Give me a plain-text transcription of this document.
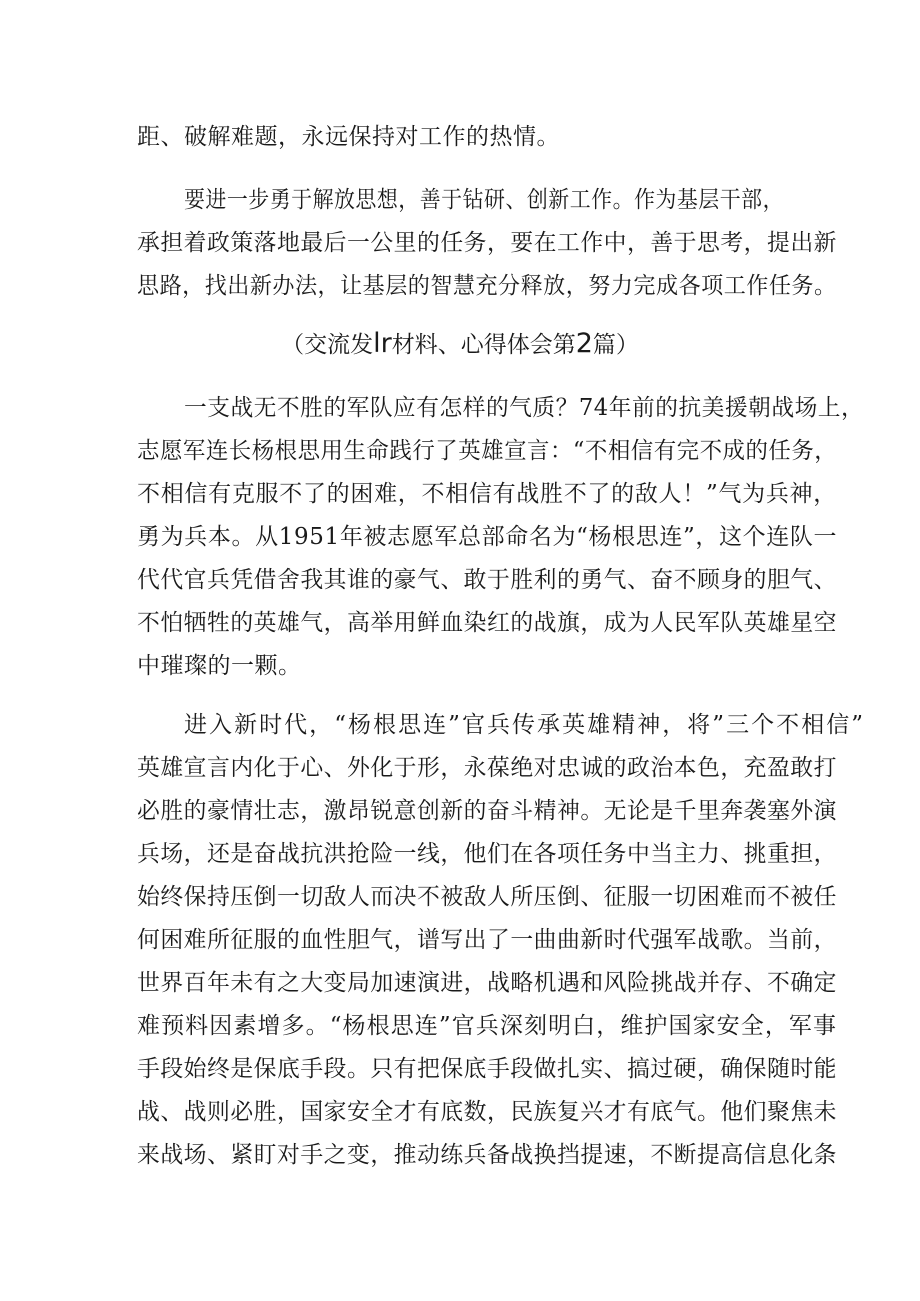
距、破解难题，永远保持对工作的热情。
要进一步勇于解放思想，善于钻研、创新工作。作为基层干部，
承担着政策落地最后一公里的任务，要在工作中，善于思考，提出新
思路，找出新办法，让基层的智慧充分释放，努力完成各项工作任务。
（交流发lr材料、心得体会第2篇）
一支战无不胜的军队应有怎样的气质？74年前的抗美援朝战场上，
志愿军连长杨根思用生命践行了英雄宣言：“不相信有完不成的任务，
不相信有克服不了的困难，不相信有战胜不了的敌人！”气为兵神，
勇为兵本。从1951年被志愿军总部命名为“杨根思连”，这个连队一
代代官兵凭借舍我其谁的豪气、敢于胜利的勇气、奋不顾身的胆气、
不怕牺牲的英雄气，高举用鲜血染红的战旗，成为人民军队英雄星空
中璀璨的一颗。
进入新时代，“杨根思连”官兵传承英雄精神，将”三个不相信”
英雄宣言内化于心、外化于形，永葆绝对忠诚的政治本色，充盈敢打
必胜的豪情壮志，激昂锐意创新的奋斗精神。无论是千里奔袭塞外演
兵场，还是奋战抗洪抢险一线，他们在各项任务中当主力、挑重担，
始终保持压倒一切敌人而决不被敌人所压倒、征服一切困难而不被任
何困难所征服的血性胆气，谱写出了一曲曲新时代强军战歌。当前，
世界百年未有之大变局加速演进，战略机遇和风险挑战并存、不确定
难预料因素增多。“杨根思连”官兵深刻明白，维护国家安全，军事
手段始终是保底手段。只有把保底手段做扎实、搞过硬，确保随时能
战、战则必胜，国家安全才有底数，民族复兴才有底气。他们聚焦未
来战场、紧盯对手之变，推动练兵备战换挡提速，不断提高信息化条
